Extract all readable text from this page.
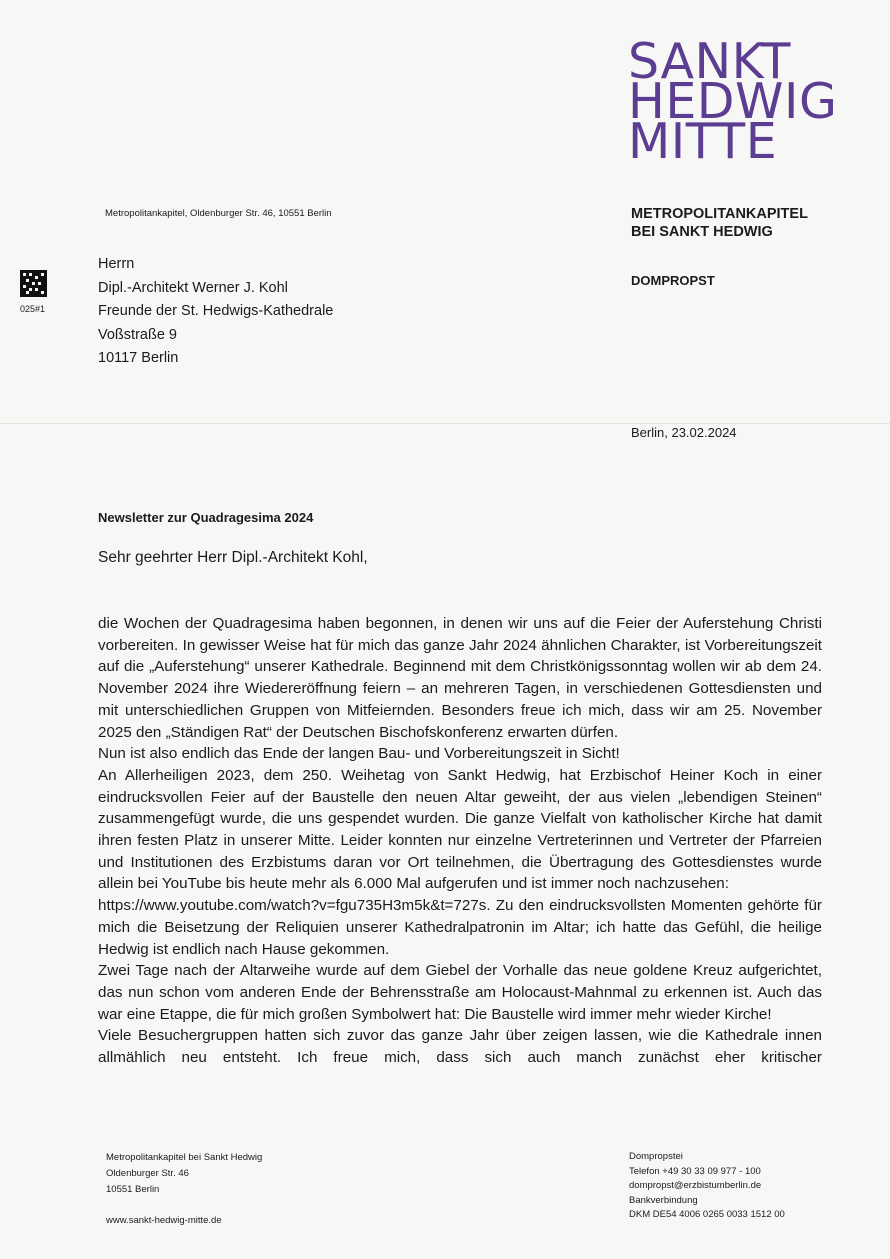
SANKT
HEDWIG
MITTE
Metropolitankapitel, Oldenburger Str. 46, 10551 Berlin	METROPOLITANKAPITEL
BEI SANKT HEDWIG
DOMPROPST
025#1
Herrn
Dipl.-Architekt Werner J. Kohl
Freunde der St. Hedwigs-Kathedrale
Voßstraße 9
10117 Berlin
Berlin, 23.02.2024
Newsletter zur Quadragesima 2024
Sehr geehrter Herr Dipl.-Architekt Kohl,

die Wochen der Quadragesima haben begonnen, in denen wir uns auf die Feier der Auferstehung Christi vorbereiten. In gewisser Weise hat für mich das ganze Jahr 2024 ähnlichen Charakter, ist Vorbereitungszeit auf die „Auferstehung“ unserer Kathedrale. Beginnend mit dem Christkönigssonntag wollen wir ab dem 24. November 2024 ihre Wiedereröffnung feiern – an mehreren Tagen, in verschiedenen Gottesdiensten und mit unterschiedlichen Gruppen von Mitfeiernden. Besonders freue ich mich, dass wir am 25. November 2025 den „Ständigen Rat“ der Deutschen Bischofskonferenz erwarten dürfen.

Nun ist also endlich das Ende der langen Bau- und Vorbereitungszeit in Sicht!

An Allerheiligen 2023, dem 250. Weihetag von Sankt Hedwig, hat Erzbischof Heiner Koch in einer eindrucksvollen Feier auf der Baustelle den neuen Altar geweiht, der aus vielen „lebendigen Steinen“ zusammengefügt wurde, die uns gespendet wurden. Die ganze Vielfalt von katholischer Kirche hat damit ihren festen Platz in unserer Mitte. Leider konnten nur einzelne Vertreterinnen und Vertreter der Pfarreien und Institutionen des Erzbistums daran vor Ort teilnehmen, die Übertragung des Gottesdienstes wurde allein bei YouTube bis heute mehr als 6.000 Mal aufgerufen und ist immer noch nachzusehen:

https://www.youtube.com/watch?v=fgu735H3m5k&t=727s. Zu den eindrucksvollsten Momenten gehörte für mich die Beisetzung der Reliquien unserer Kathedralpatronin im Altar; ich hatte das Gefühl, die heilige Hedwig ist endlich nach Hause gekommen.

Zwei Tage nach der Altarweihe wurde auf dem Giebel der Vorhalle das neue goldene Kreuz aufgerichtet, das nun schon vom anderen Ende der Behrensstraße am Holocaust-Mahnmal zu erkennen ist. Auch das war eine Etappe, die für mich großen Symbolwert hat: Die Baustelle wird immer mehr wieder Kirche!

Viele Besuchergruppen hatten sich zuvor das ganze Jahr über zeigen lassen, wie die Kathedrale innen allmählich neu entsteht. Ich freue mich, dass sich auch manch zunächst eher kritischer

Metropolitankapitel bei Sankt Hedwig
Oldenburger Str. 46
10551 Berlin
www.sankt-hedwig-mitte.de
Dompropstei
Telefon +49 30 33 09 977 - 100
dompropst@erzbistumberlin.de
Bankverbindung
DKM DE54 4006 0265 0033 1512 00
